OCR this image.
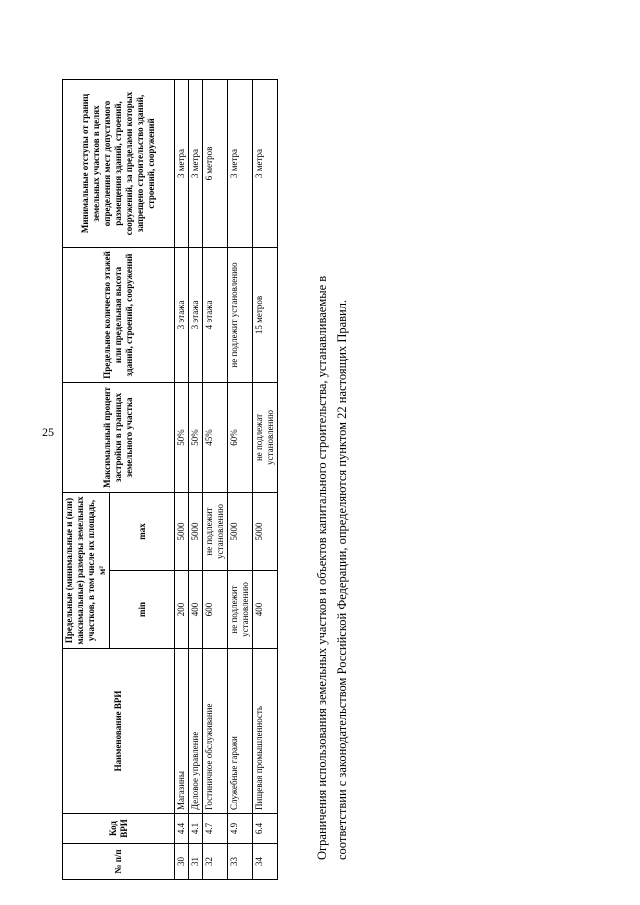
25
№ п/п	Код ВРИ	Наименование ВРИ	Предельные (минимальные и (или) максимальные) размеры земельных участков, в том числе их площадь, м²		Максимальный процент застройки в границах земельного участка	Предельное количество этажей или предельная высота зданий, строений, сооружений	Минимальные отступы от границ земельных участков в целях определения мест допустимого размещения зданий, строений, сооружений, за пределами которых запрещено строительство зданий, строений, сооружений
			min	max			
30	4.4	Магазины	200	5000	50%	3 этажа	3 метра
31	4.1	Деловое управление	400	5000	50%	3 этажа	3 метра
32	4.7	Гостиничное обслуживание	600	не подлежит установлению	45%	4 этажа	6 метров
33	4.9	Служебные гаражи	не подлежит установлению	5000	60%	не подлежит установлению	3 метра
34	6.4	Пищевая промышленность	400	5000	не подлежат установлению	15 метров	3 метра
Ограничения использования земельных участков и объектов капитального строительства, устанавливаемые в соответствии с законодательством Российской Федерации, определяются пунктом 22 настоящих Правил.
